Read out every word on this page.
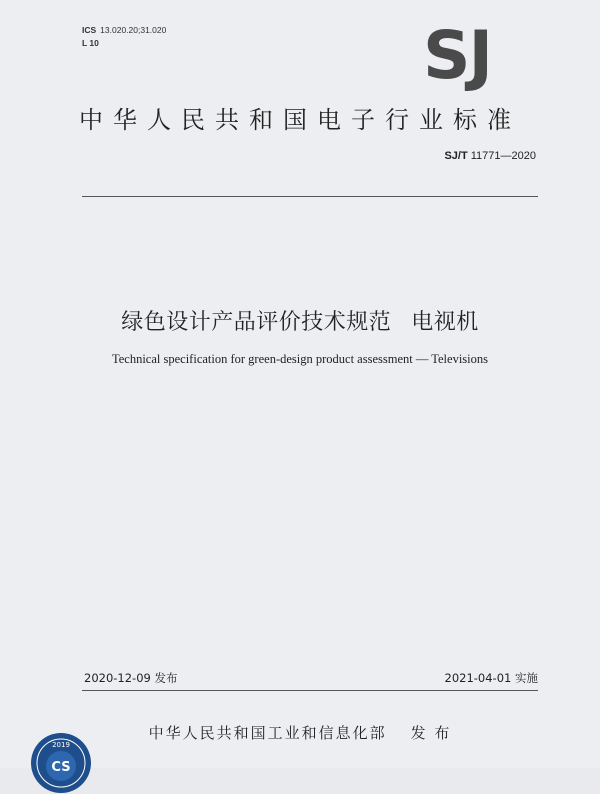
ICS 13.020.20;31.020
L 10	SJ
中华人民共和国电子行业标准
SJ/T 11771—2020
绿色设计产品评价技术规范 电视机
Technical specification for green-design product assessment — Televisions
2020-12-09 发布	2021-04-01 实施
中华人民共和国工业和信息化部 发 布
2019
CS
